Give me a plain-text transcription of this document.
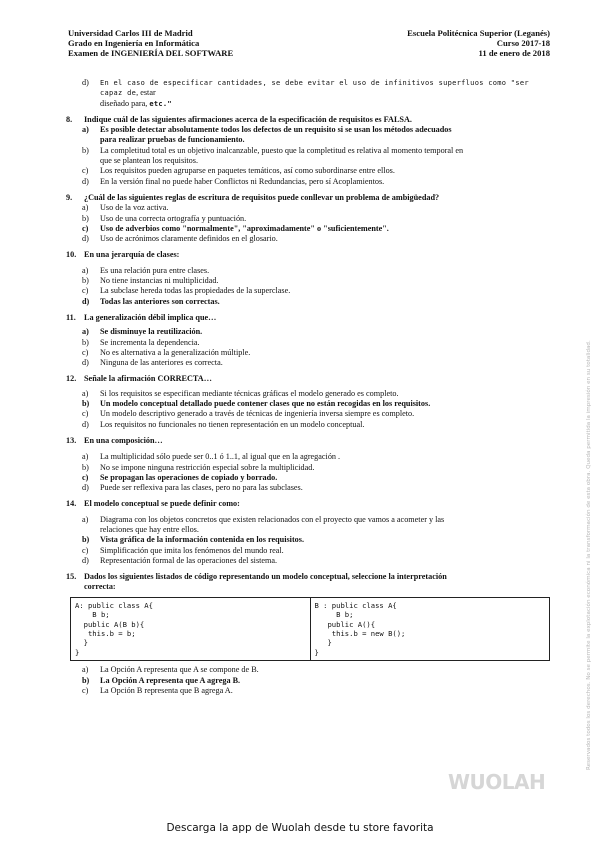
Universidad Carlos III de Madrid	Escuela Politécnica Superior (Leganés)
Grado en Ingeniería en Informática	Curso 2017-18
Examen de INGENIERÍA DEL SOFTWARE	11 de enero de 2018
d)	En el caso de especificar cantidades, se debe evitar el uso de infinitivos superfluos como "ser capaz de, estar
diseñado para, etc."
8.	Indique cuál de las siguientes afirmaciones acerca de la especificación de requisitos es FALSA.
a)	Es posible detectar absolutamente todos los defectos de un requisito si se usan los métodos adecuados
para realizar pruebas de funcionamiento.
b)	La completitud total es un objetivo inalcanzable, puesto que la completitud es relativa al momento temporal en
que se plantean los requisitos.
c)	Los requisitos pueden agruparse en paquetes temáticos, así como subordinarse entre ellos.
d)	En la versión final no puede haber Conflictos ni Redundancias, pero sí Acoplamientos.
9.	¿Cuál de las siguientes reglas de escritura de requisitos puede conllevar un problema de ambigüedad?
a)	Uso de la voz activa.
b)	Uso de una correcta ortografía y puntuación.
c)	Uso de adverbios como "normalmente", "aproximadamente" o "suficientemente".
d)	Uso de acrónimos claramente definidos en el glosario.
10. En una jerarquía de clases:
a)	Es una relación pura entre clases.
b)	No tiene instancias ni multiplicidad.
c)	La subclase hereda todas las propiedades de la superclase.
d)	Todas las anteriores son correctas.
11.	La generalización débil implica que…
a)	Se disminuye la reutilización.
b)	Se incrementa la dependencia.
c)	No es alternativa a la generalización múltiple.
d)	Ninguna de las anteriores es correcta.
12. Señale la afirmación CORRECTA…
a)	Si los requisitos se especifican mediante técnicas gráficas el modelo generado es completo.
b)	Un modelo conceptual detallado puede contener clases que no están recogidas en los requisitos.
c)	Un modelo descriptivo generado a través de técnicas de ingeniería inversa siempre es completo.
d)	Los requisitos no funcionales no tienen representación en un modelo conceptual.
13. En una composición…
a)	La multiplicidad sólo puede ser 0..1 ó 1..1, al igual que en la agregación .
b)	No se impone ninguna restricción especial sobre la multiplicidad.
c)	Se propagan las operaciones de copiado y borrado.
d)	Puede ser reflexiva para las clases, pero no para las subclases.
14. El modelo conceptual se puede definir como:
a)	Diagrama con los objetos concretos que existen relacionados con el proyecto que vamos a acometer y las
relaciones que hay entre ellos.
b)	Vista gráfica de la información contenida en los requisitos.
c)	Simplificación que imita los fenómenos del mundo real.
d)	Representación formal de las operaciones del sistema.
15. Dados los siguientes listados de código representando un modelo conceptual, seleccione la interpretación
correcta:
A: public class A{
B b;
public A(B b){
this.b = b;
}
}
B : public class A{
B b;
public A(){
this.b = new B();
}
}
a)	La Opción A representa que A se compone de B.
b)	La Opción A representa que A agrega B.
c)	La Opción B representa que B agrega A.	Reservados todos los derechos. No se permite la explotación económica ni la transformación de esta obra. Queda permitida la impresión en su totalidad.
WUOLAH
Descarga la app de Wuolah desde tu store favorita
